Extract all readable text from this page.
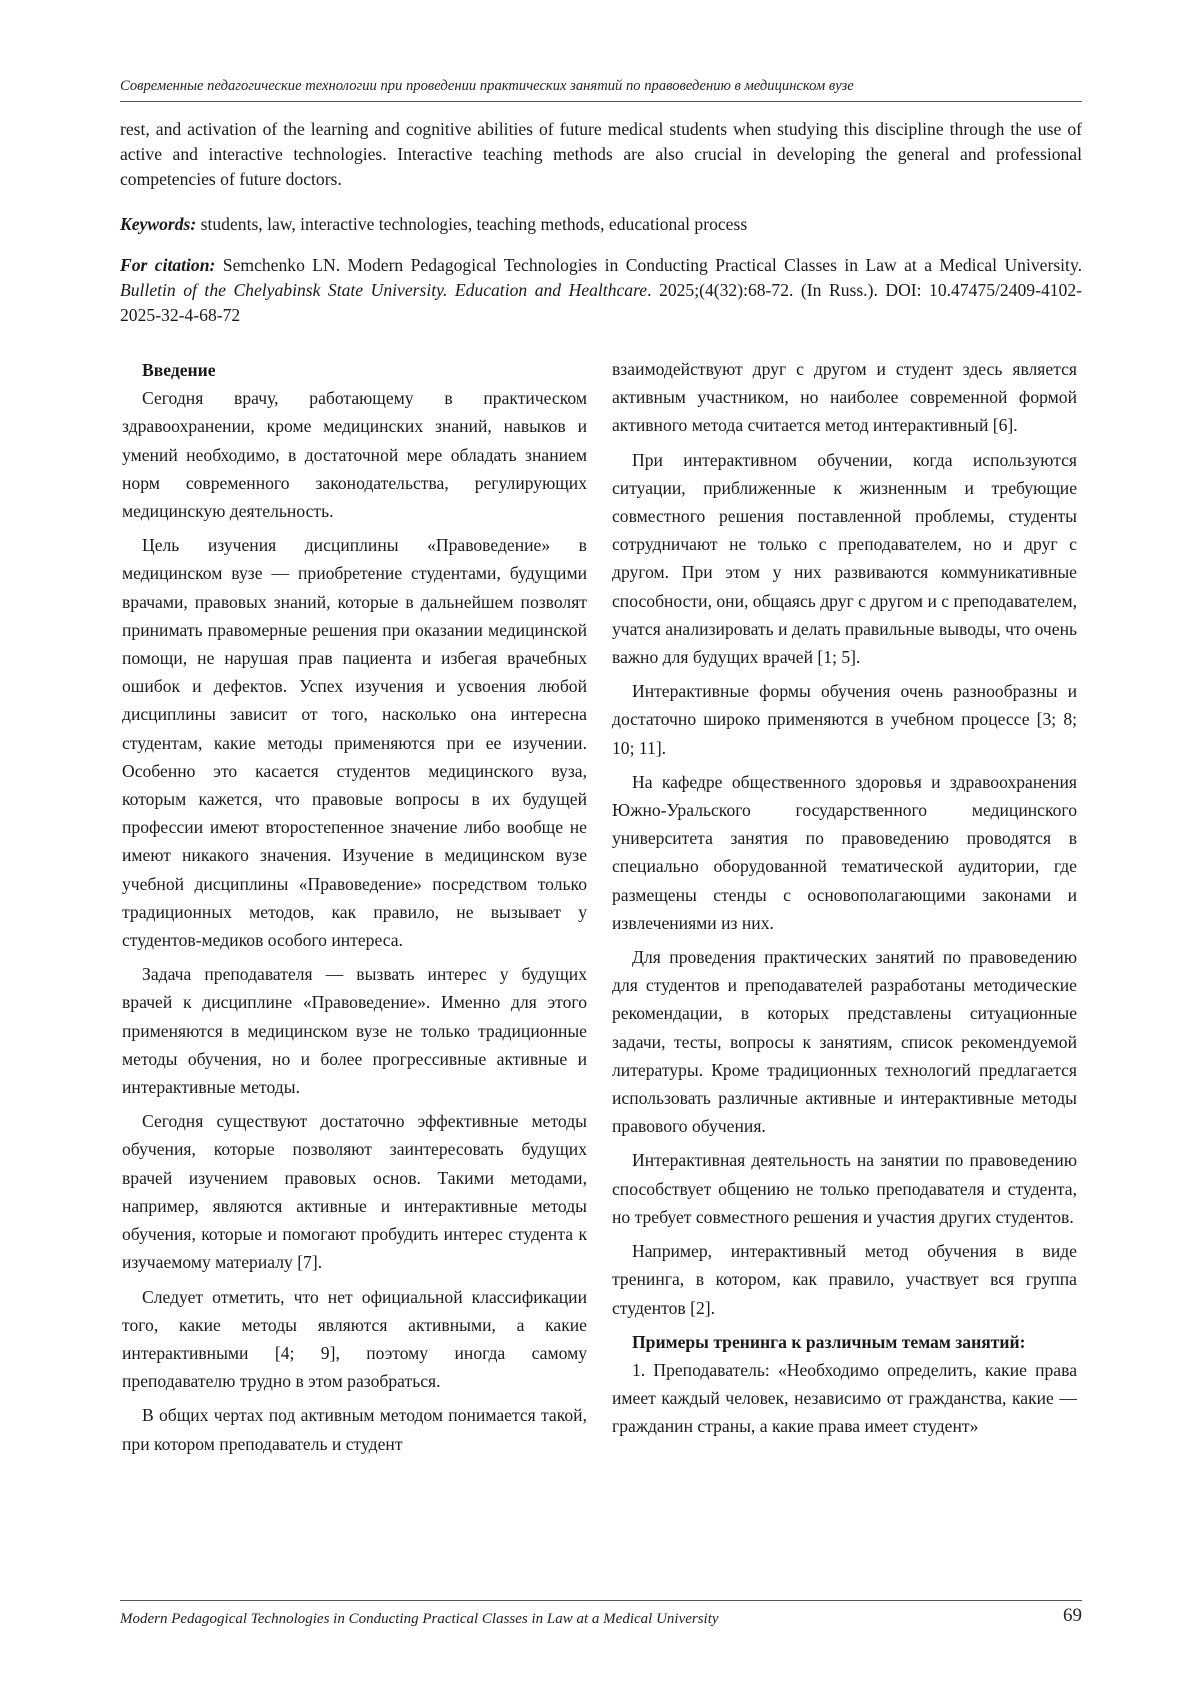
Современные педагогические технологии при проведении практических занятий по правоведению в медицинском вузе

rest, and activation of the learning and cognitive abilities of future medical students when studying this discipline through the use of active and interactive technologies. Interactive teaching methods are also crucial in developing the general and professional competencies of future doctors.

Keywords: students, law, interactive technologies, teaching methods, educational process
For citation: Semchenko LN. Modern Pedagogical Technologies in Conducting Practical Classes in Law at a Medical University. Bulletin of the Chelyabinsk State University. Education and Healthcare. 2025;(4(32):68-72. (In Russ.). DOI: 10.47475/2409-4102-2025-32-4-68-72
Введение

Сегодня врачу, работающему в практическом здравоохранении, кроме медицинских знаний, навыков и умений необходимо, в достаточной мере обладать знанием норм современного законодательства, регулирующих медицинскую деятельность.

Цель изучения дисциплины «Правоведение» в медицинском вузе — приобретение студентами, будущими врачами, правовых знаний, которые в дальнейшем позволят принимать правомерные решения при оказании медицинской помощи, не нарушая прав пациента и избегая врачебных ошибок и дефектов. Успех изучения и усвоения любой дисциплины зависит от того, насколько она интересна студентам, какие методы применяются при ее изучении. Особенно это касается студентов медицинского вуза, которым кажется, что правовые вопросы в их будущей профессии имеют второстепенное значение либо вообще не имеют никакого значения. Изучение в медицинском вузе учебной дисциплины «Правоведение» посредством только традиционных методов, как правило, не вызывает у студентов-медиков особого интереса.

Задача преподавателя — вызвать интерес у будущих врачей к дисциплине «Правоведение». Именно для этого применяются в медицинском вузе не только традиционные методы обучения, но и более прогрессивные активные и интерактивные методы.

Сегодня существуют достаточно эффективные методы обучения, которые позволяют заинтересовать будущих врачей изучением правовых основ. Такими методами, например, являются активные и интерактивные методы обучения, которые и помогают пробудить интерес студента к изучаемому материалу [7].

Следует отметить, что нет официальной классификации того, какие методы являются активными, а какие интерактивными [4; 9], поэтому иногда самому преподавателю трудно в этом разобраться.

В общих чертах под активным методом понимается такой, при котором преподаватель и студент

взаимодействуют друг с другом и студент здесь является активным участником, но наиболее современной формой активного метода считается метод интерактивный [6].

При интерактивном обучении, когда используются ситуации, приближенные к жизненным и требующие совместного решения поставленной проблемы, студенты сотрудничают не только с преподавателем, но и друг с другом. При этом у них развиваются коммуникативные способности, они, общаясь друг с другом и с преподавателем, учатся анализировать и делать правильные выводы, что очень важно для будущих врачей [1; 5].

Интерактивные формы обучения очень разнообразны и достаточно широко применяются в учебном процессе [3; 8; 10; 11].

На кафедре общественного здоровья и здравоохранения Южно-Уральского государственного медицинского университета занятия по правоведению проводятся в специально оборудованной тематической аудитории, где размещены стенды с основополагающими законами и извлечениями из них.

Для проведения практических занятий по правоведению для студентов и преподавателей разработаны методические рекомендации, в которых представлены ситуационные задачи, тесты, вопросы к занятиям, список рекомендуемой литературы. Кроме традиционных технологий предлагается использовать различные активные и интерактивные методы правового обучения.

Интерактивная деятельность на занятии по правоведению способствует общению не только преподавателя и студента, но требует совместного решения и участия других студентов.

Например, интерактивный метод обучения в виде тренинга, в котором, как правило, участвует вся группа студентов [2].

Примеры тренинга к различным темам занятий:

1. Преподаватель: «Необходимо определить, какие права имеет каждый человек, независимо от гражданства, какие — гражданин страны, а какие права имеет студент»

Modern Pedagogical Technologies in Conducting Practical Classes in Law at a Medical University	69
